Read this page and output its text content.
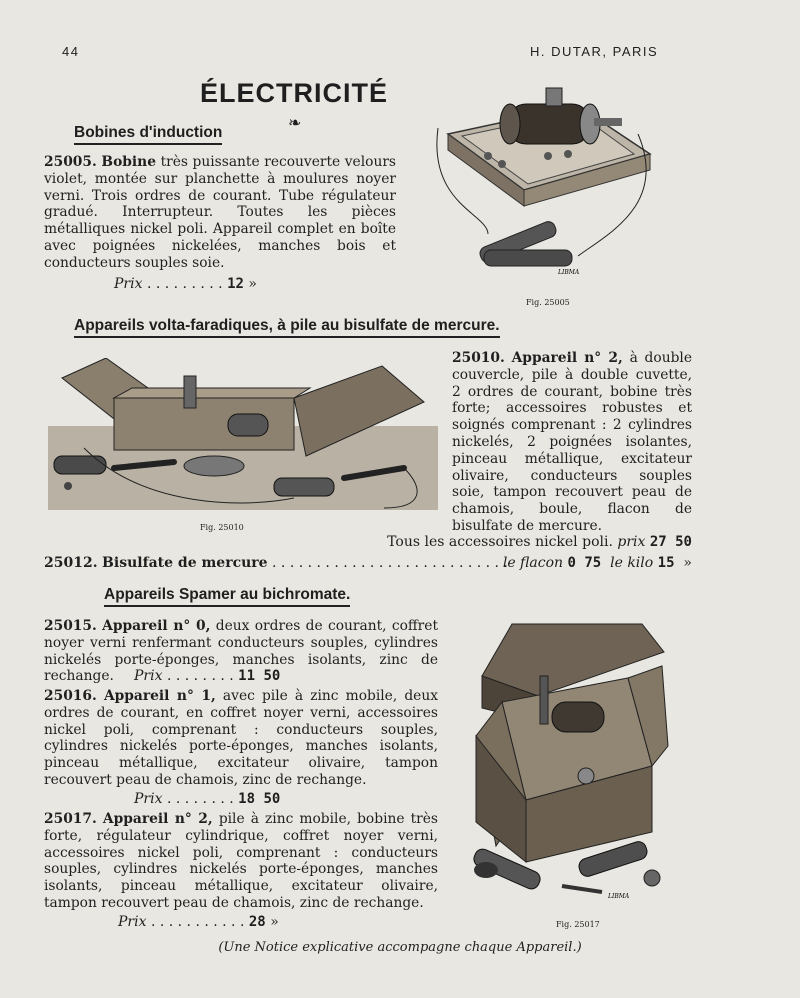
44	H. DUTAR, PARIS
ÉLECTRICITÉ
❧
Bobines d'induction
25005. Bobine très puissante recouverte velours violet, montée sur planchette à moulures noyer verni. Trois ordres de courant. Tube régulateur gradué. Interrupteur. Toutes les pièces métalliques nickel poli. Appareil complet en boîte avec poignées nickelées, manches bois et conducteurs souples soie.
Prix . . . . . . . . . 12 »
LIBMA
Fig. 25005
Appareils volta-faradiques, à pile au bisulfate de mercure.
Fig. 25010
25010. Appareil n° 2, à double couvercle, pile à double cuvette, 2 ordres de courant, bobine très forte; accessoires robustes et soignés comprenant : 2 cylindres nickelés, 2 poignées isolantes, pinceau métallique, excitateur olivaire, conducteurs souples soie, tampon recouvert peau de chamois, boule, flacon de bisulfate de mercure.
Tous les accessoires nickel poli. prix 27 50
25012. Bisulfate de mercure . . . . . . . . . . . . . . . . . . . . . . . . . . .
le flacon 0 75 le kilo 15 »
Appareils Spamer au bichromate.
25015. Appareil n° 0, deux ordres de courant, coffret noyer verni renfermant conducteurs souples, cylindres nickelés porte-éponges, manches isolants, zinc de rechange.	Prix . . . . . . . . 11 50
25016. Appareil n° 1, avec pile à zinc mobile, deux ordres de courant, en coffret noyer verni, accessoires nickel poli, comprenant : conducteurs souples, cylindres nickelés porte-éponges, manches isolants, pinceau métallique, excitateur olivaire, tampon recouvert peau de chamois, zinc de rechange.
Prix . . . . . . . . 18 50
25017. Appareil n° 2, pile à zinc mobile, bobine très forte, régulateur cylindrique, coffret noyer verni, accessoires nickel poli, comprenant : conducteurs souples, cylindres nickelés porte-éponges, manches isolants, pinceau métallique, excitateur olivaire, tampon recouvert peau de chamois, zinc de rechange.
Prix . . . . . . . . . . . 28 »
LIBMA
Fig. 25017
(Une Notice explicative accompagne chaque Appareil.)
